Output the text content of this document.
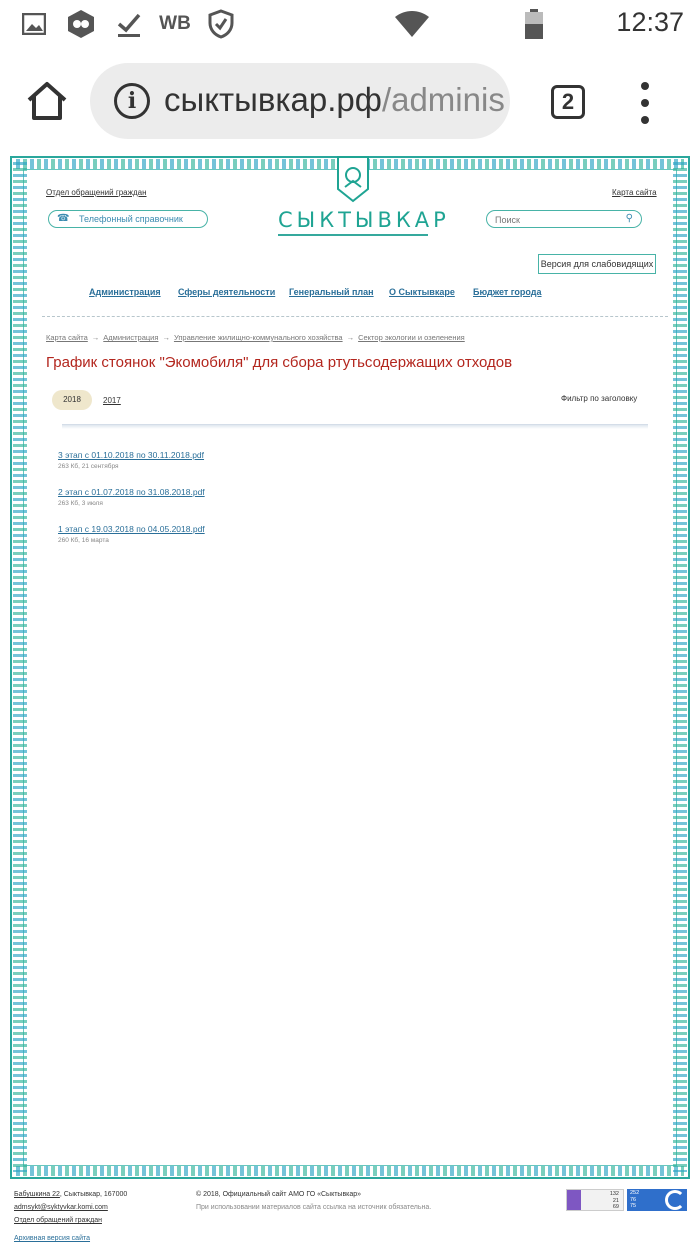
WB	12:37
i сыктывкар.рф/adminis	2
Отдел обращений граждан	Карта сайта
☎ Телефонный справочник	СЫКТЫВКАР
Поиск	⚲
Версия для слабовидящих
Администрация Сферы деятельности Генеральный план О Сыктывкаре Бюджет города
Карта сайта → Администрация → Управление жилищно-коммунального хозяйства → Сектор экологии и озеленения
График стоянок "Экомобиля" для сбора ртутьсодержащих отходов
2018	2017	Фильтр по заголовку
3 этап с 01.10.2018 по 30.11.2018.pdf
263 Кб, 21 сентября
2 этап с 01.07.2018 по 31.08.2018.pdf
263 Кб, 3 июля
1 этап с 19.03.2018 по 04.05.2018.pdf
260 Кб, 16 марта
Бабушкина 22, Сыктывкар, 167000
admsykt@syktyvkar.komi.com
Отдел обращений граждан
Архивная версия сайта
© 2018, Официальный сайт АМО ГО «Сыктывкар»
При использовании материалов сайта ссылка на источник обязательна.
132
21
69
252
76
75
